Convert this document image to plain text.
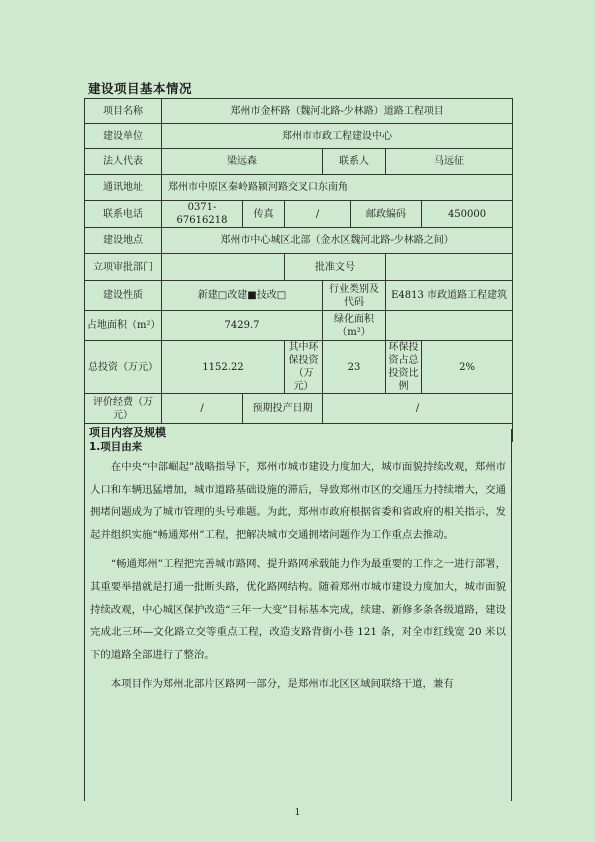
建设项目基本情况
项目名称	郑州市金杯路（魏河北路-少林路）道路工程项目						
建设单位	郑州市市政工程建设中心						
法人代表	梁远森			联系人		马远征	
通讯地址	郑州市中原区秦岭路颍河路交叉口东南角						
联系电话	0371-67616218	传真	/		邮政编码		450000
建设地点	郑州市中心城区北部（金水区魏河北路-少林路之间）						
立项审批部门			批准文号				
建设性质	新建□改建■技改□			行业类别及代码		E4813 市政道路工程建筑	
占地面积（m²）	7429.7			绿化面积（m²）			
总投资（万元）	1152.22		其中环保投资（万元）	23		环保投资占总投资比例	2%
评价经费（万元）	/	预期投产日期		/			
项目内容及规模							
1.项目由来

在中央“中部崛起”战略指导下，郑州市城市建设力度加大，城市面貌持续改观，郑州市人口和车辆迅猛增加，城市道路基础设施的滞后，导致郑州市区的交通压力持续增大，交通拥堵问题成为了城市管理的头号难题。为此，郑州市政府根据省委和省政府的相关指示，发起并组织实施“畅通郑州”工程，把解决城市交通拥堵问题作为工作重点去推动。

“畅通郑州”工程把完善城市路网、提升路网承载能力作为最重要的工作之一进行部署，其重要举措就是打通一批断头路，优化路网结构。随着郑州市城市建设力度加大，城市面貌持续改观，中心城区保护改造“三年一大变”目标基本完成，续建、新修多条各级道路，建设完成北三环—文化路立交等重点工程，改造支路背街小巷 121 条，对全市红线宽 20 米以下的道路全部进行了整治。

本项目作为郑州北部片区路网一部分，是郑州市北区区域间联络干道，兼有

1
